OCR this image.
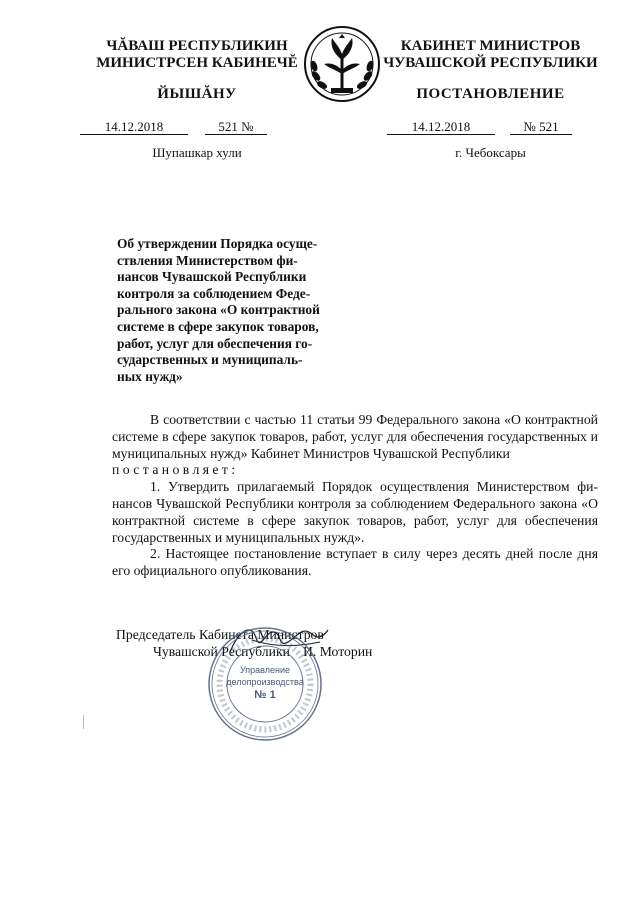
ЧĂВАШ РЕСПУБЛИКИН
МИНИСТРСЕН КАБИНЕЧĔ
ЙЫШĂНУ
КАБИНЕТ МИНИСТРОВ
ЧУВАШСКОЙ РЕСПУБЛИКИ
ПОСТАНОВЛЕНИЕ
14.12.2018	521 №	14.12.2018	№ 521
Шупашкар хули	г. Чебоксары

Об утверждении Порядка осуще-

ствления Министерством фи-

нансов Чувашской Республики

контроля за соблюдением Феде-

рального закона «О контрактной

системе в сфере закупок товаров,

работ, услуг для обеспечения го-

сударственных и муниципаль-

ных нужд»

В соответствии с частью 11 статьи 99 Федерального закона «О контрактной системе в сфере закупок товаров, работ, услуг для обеспечения государственных и муниципальных нужд» Кабинет Министров Чувашской Республики

постановляет:

1. Утвердить прилагаемый Порядок осуществления Министерством финансов Чувашской Республики контроля за соблюдением Федерального закона «О контрактной системе в сфере закупок товаров, работ, услуг для обеспечения государственных и муниципальных нужд».

2. Настоящее постановление вступает в силу через десять дней после дня его официального опубликования.

Председатель Кабинета Министров
Чувашской Республики И. Моторин
Управление
делопроизводства
№ 1
